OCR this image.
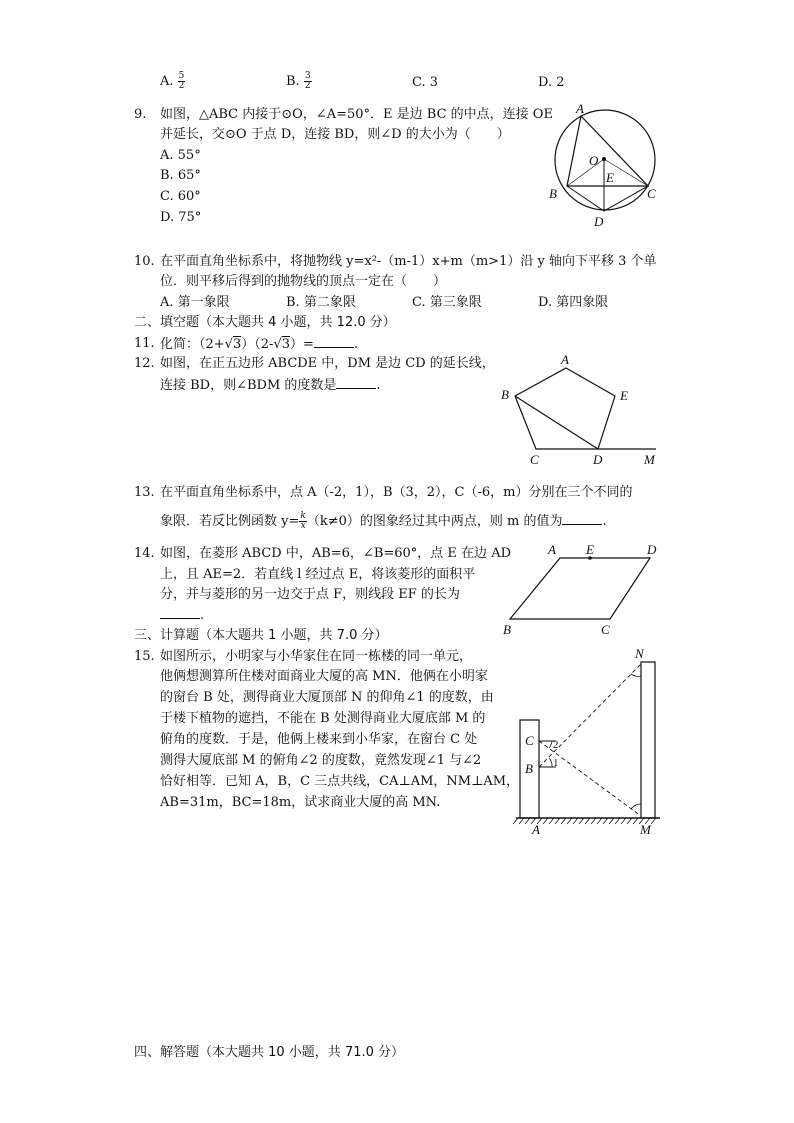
A. $\frac{5}{2}$	B. $\frac{3}{2}$	C. 3	D. 2
9. 如图，△ABC 内接于⊙O，∠A=50°．E 是边 BC 的中点，连接 OE
并延长，交⊙O 于点 D，连接 BD，则∠D 的大小为（　　）
A. 55°
B. 65°
C. 60°
D. 75°
A
O
E
B	C
D
10. 在平面直角坐标系中，将抛物线 y=x²-（m-1）x+m（m>1）沿 y 轴向下平移 3 个单
位．则平移后得到的抛物线的顶点一定在（　　）
A. 第一象限	B. 第二象限	C. 第三象限	D. 第四象限
二、填空题（本大题共 4 小题，共 12.0 分）
11. 化简：（2+√3）（2-√3）=	.
12. 如图，在正五边形 ABCDE 中，DM 是边 CD 的延长线，
连接 BD，则∠BDM 的度数是	.
A
B	E
C	D	M
13. 在平面直角坐标系中，点 A（-2，1），B（3，2），C（-6，m）分别在三个不同的
象限．若反比例函数 $y= \frac{k}{x} (k\ne 0)$的图象经过其中两点，则 m 的值为	.
14. 如图，在菱形 ABCD 中，AB=6，∠B=60°，点 E 在边 AD
上，且 AE=2．若直线 l 经过点 E，将该菱形的面积平
分，并与菱形的另一边交于点 F，则线段 EF 的长为
.
A E	D
B	C
三、计算题（本大题共 1 小题，共 7.0 分）
15. 如图所示，小明家与小华家住在同一栋楼的同一单元，
他俩想测算所住楼对面商业大厦的高 MN．他俩在小明家
的窗台 B 处，测得商业大厦顶部 N 的仰角∠1 的度数，由
于楼下植物的遮挡，不能在 B 处测得商业大厦底部 M 的
俯角的度数．于是，他俩上楼来到小华家，在窗台 C 处
测得大厦底部 M 的俯角∠2 的度数，竟然发现∠1 与∠2
恰好相等．已知 A，B，C 三点共线，CA⊥AM，NM⊥AM，
AB=31m，BC=18m，试求商业大厦的高 MN.
N
C
B
2
1
A	M
四、解答题（本大题共 10 小题，共 71.0 分）
